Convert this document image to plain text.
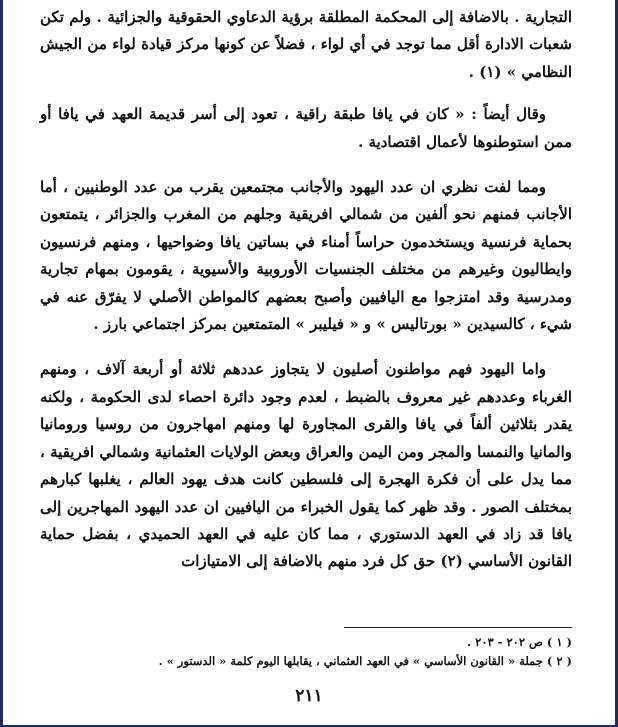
التجارية . بالاضافة إلى المحكمة المطلقة برؤية الدعاوي الحقوقية والجزائية . ولم تكن شعبات الادارة أقل مما توجد في أي لواء ، فضلاً عن كونها مركز قيادة لواء من الجيش النظامي » (١) .

وقال أيضاً : « كان في يافا طبقة راقية ، تعود إلى أسر قديمة العهد في يافا أو ممن استوطنوها لأعمال اقتصادية .

ومما لفت نظري ان عدد اليهود والأجانب مجتمعين يقرب من عدد الوطنيين ، أما الأجانب فمنهم نحو ألفين من شمالي افريقية وجلهم من المغرب والجزائر ، يتمتعون بحماية فرنسية ويستخدمون حراساً أمناء في بساتين يافا وضواحيها ، ومنهم فرنسيون وايطاليون وغيرهم من مختلف الجنسيات الأوروبية والأسيوية ، يقومون بمهام تجارية ومدرسية وقد امتزجوا مع اليافيين وأصبح بعضهم كالمواطن الأصلي لا يفرّق عنه في شيء ، كالسيدين « بورتاليس » و « فيليبر » المتمتعين بمركز اجتماعي بارز .

واما اليهود فهم مواطنون أصليون لا يتجاوز عددهم ثلاثة أو أربعة آلاف ، ومنهم الغرباء وعددهم غير معروف بالضبط ، لعدم وجود دائرة احصاء لدى الحكومة ، ولكنه يقدر بثلاثين ألفاً في يافا والقرى المجاورة لها ومنهم امهاجرون من روسيا ورومانيا والمانيا والنمسا والمجر ومن اليمن والعراق وبعض الولايات العثمانية وشمالي افريقية ، مما يدل على أن فكرة الهجرة إلى فلسطين كانت هدف يهود العالم ، يغلبها كبارهم بمختلف الصور . وقد ظهر كما يقول الخبراء من اليافيين ان عدد اليهود المهاجرين إلى يافا قد زاد في العهد الدستوري ، مما كان عليه في العهد الحميدي ، بفضل حماية القانون الأساسي (٢) حق كل فرد منهم بالاضافة إلى الامتيازات

( ١ ) ص ٢٠٢ - ٢٠٣ .

( ٢ ) جملة « القانون الأساسي » في العهد العثماني ، يقابلها اليوم كلمة « الدستور » .

٢١١
